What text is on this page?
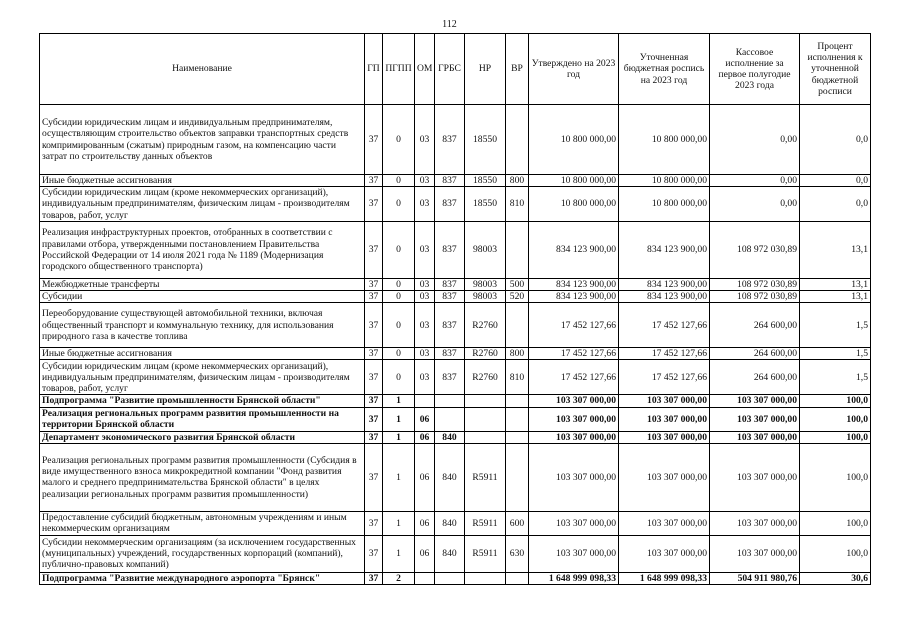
112
Наименование	ГП	ПГПП	ОМ	ГРБС	НР	ВР	Утверждено на 2023 год	Уточненная бюджетная роспись на 2023 год	Кассовое исполнение за первое полугодие 2023 года	Процент исполнения к уточненной бюджетной росписи
Субсидии юридическим лицам и индивидуальным предпринимателям, осуществляющим строительство объектов заправки транспортных средств компримированным (сжатым) природным газом, на компенсацию части затрат по строительству данных объектов	37	0	03	837	18550		10 800 000,00	10 800 000,00	0,00	0,0
Иные бюджетные ассигнования	37	0	03	837	18550	800	10 800 000,00	10 800 000,00	0,00	0,0
Субсидии юридическим лицам (кроме некоммерческих организаций), индивидуальным предпринимателям, физическим лицам - производителям товаров, работ, услуг	37	0	03	837	18550	810	10 800 000,00	10 800 000,00	0,00	0,0
Реализация инфраструктурных проектов, отобранных в соответствии с правилами отбора, утвержденными постановлением Правительства Российской Федерации от 14 июля 2021 года № 1189 (Модернизация городского общественного транспорта)	37	0	03	837	98003		834 123 900,00	834 123 900,00	108 972 030,89	13,1
Межбюджетные трансферты	37	0	03	837	98003	500	834 123 900,00	834 123 900,00	108 972 030,89	13,1
Субсидии	37	0	03	837	98003	520	834 123 900,00	834 123 900,00	108 972 030,89	13,1
Переоборудование существующей автомобильной техники, включая общественный транспорт и коммунальную технику, для использования природного газа в качестве топлива	37	0	03	837	R2760		17 452 127,66	17 452 127,66	264 600,00	1,5
Иные бюджетные ассигнования	37	0	03	837	R2760	800	17 452 127,66	17 452 127,66	264 600,00	1,5
Субсидии юридическим лицам (кроме некоммерческих организаций), индивидуальным предпринимателям, физическим лицам - производителям товаров, работ, услуг	37	0	03	837	R2760	810	17 452 127,66	17 452 127,66	264 600,00	1,5
Подпрограмма "Развитие промышленности Брянской области"	37	1					103 307 000,00	103 307 000,00	103 307 000,00	100,0
Реализация региональных программ развития промышленности на территории Брянской области	37	1	06				103 307 000,00	103 307 000,00	103 307 000,00	100,0
Департамент экономического развития Брянской области	37	1	06	840			103 307 000,00	103 307 000,00	103 307 000,00	100,0
Реализация региональных программ развития промышленности (Субсидия в виде имущественного взноса микрокредитной компании "Фонд развития малого и среднего предпринимательства Брянской области" в целях реализации региональных программ развития промышленности)	37	1	06	840	R5911		103 307 000,00	103 307 000,00	103 307 000,00	100,0
Предоставление субсидий бюджетным, автономным учреждениям и иным некоммерческим организациям	37	1	06	840	R5911	600	103 307 000,00	103 307 000,00	103 307 000,00	100,0
Субсидии некоммерческим организациям (за исключением государственных (муниципальных) учреждений, государственных корпораций (компаний), публично-правовых компаний)	37	1	06	840	R5911	630	103 307 000,00	103 307 000,00	103 307 000,00	100,0
Подпрограмма "Развитие международного аэропорта "Брянск"	37	2					1 648 999 098,33	1 648 999 098,33	504 911 980,76	30,6
